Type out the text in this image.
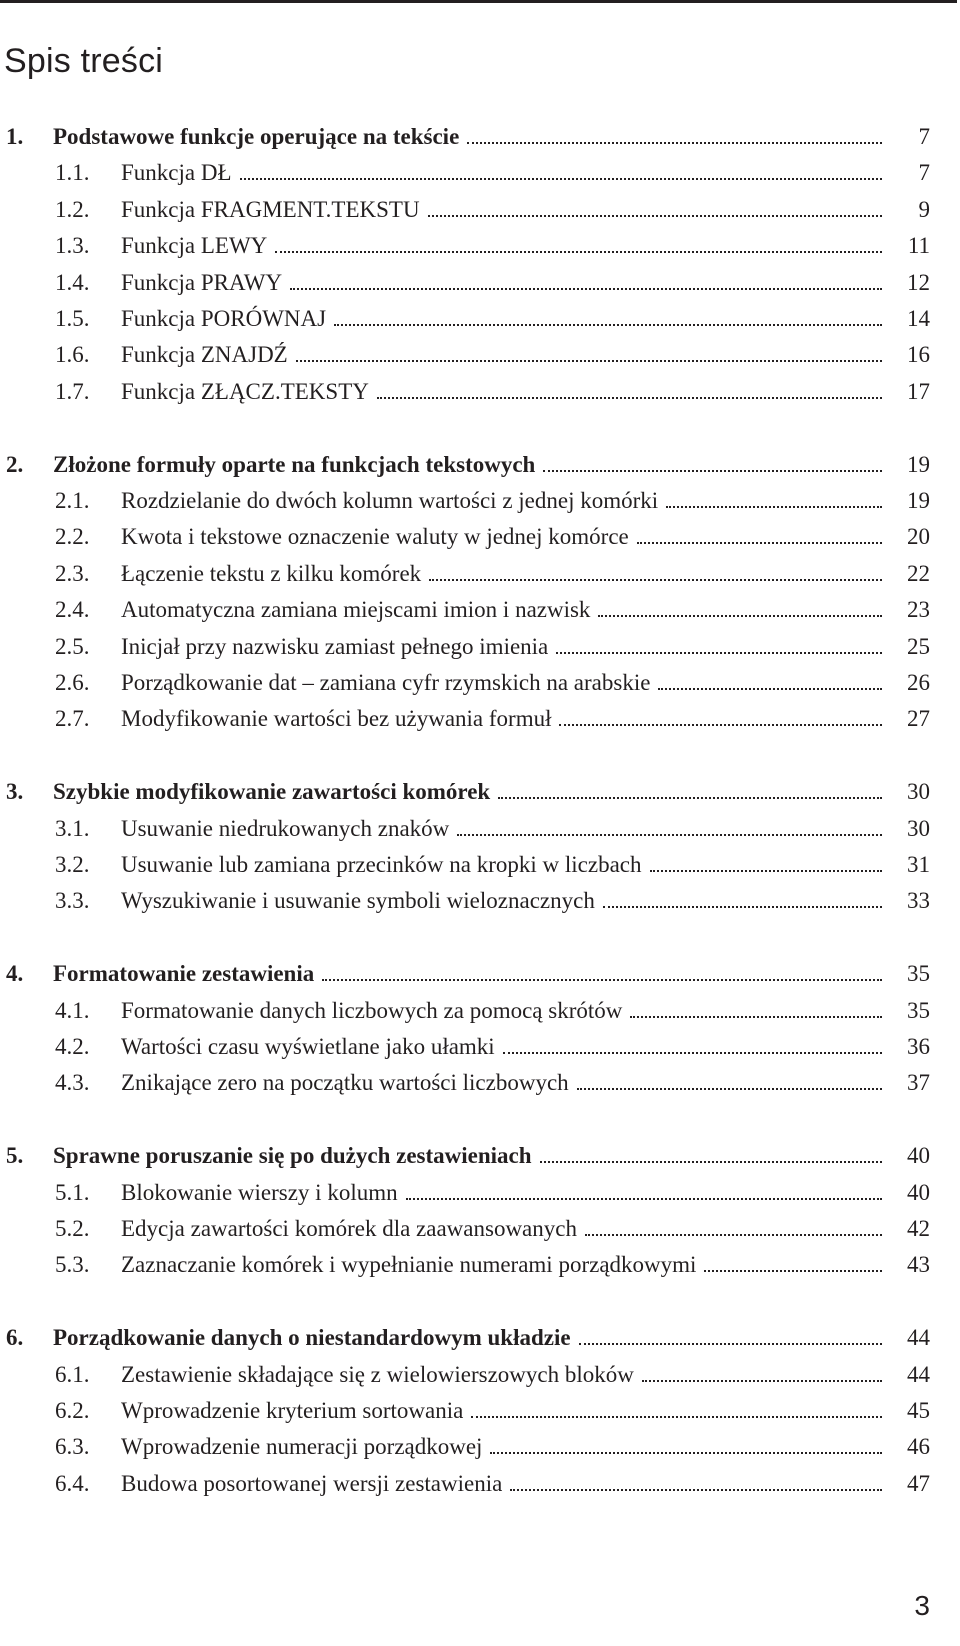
Spis treści
1. Podstawowe funkcje operujące na tekście	7
1.1. Funkcja DŁ	7
1.2. Funkcja FRAGMENT.TEKSTU	9
1.3. Funkcja LEWY	11
1.4. Funkcja PRAWY	12
1.5. Funkcja PORÓWNAJ	14
1.6. Funkcja ZNAJDŹ	16
1.7. Funkcja ZŁĄCZ.TEKSTY	17
2. Złożone formuły oparte na funkcjach tekstowych	19
2.1. Rozdzielanie do dwóch kolumn wartości z jednej komórki	19
2.2. Kwota i tekstowe oznaczenie waluty w jednej komórce	20
2.3. Łączenie tekstu z kilku komórek	22
2.4. Automatyczna zamiana miejscami imion i nazwisk	23
2.5. Inicjał przy nazwisku zamiast pełnego imienia	25
2.6. Porządkowanie dat – zamiana cyfr rzymskich na arabskie	26
2.7. Modyfikowanie wartości bez używania formuł	27
3. Szybkie modyfikowanie zawartości komórek	30
3.1. Usuwanie niedrukowanych znaków	30
3.2. Usuwanie lub zamiana przecinków na kropki w liczbach	31
3.3. Wyszukiwanie i usuwanie symboli wieloznacznych	33
4. Formatowanie zestawienia	35
4.1. Formatowanie danych liczbowych za pomocą skrótów	35
4.2. Wartości czasu wyświetlane jako ułamki	36
4.3. Znikające zero na początku wartości liczbowych	37
5. Sprawne poruszanie się po dużych zestawieniach	40
5.1. Blokowanie wierszy i kolumn	40
5.2. Edycja zawartości komórek dla zaawansowanych	42
5.3. Zaznaczanie komórek i wypełnianie numerami porządkowymi	43
6. Porządkowanie danych o niestandardowym układzie	44
6.1. Zestawienie składające się z wielowierszowych bloków	44
6.2. Wprowadzenie kryterium sortowania	45
6.3. Wprowadzenie numeracji porządkowej	46
6.4. Budowa posortowanej wersji zestawienia	47
3
